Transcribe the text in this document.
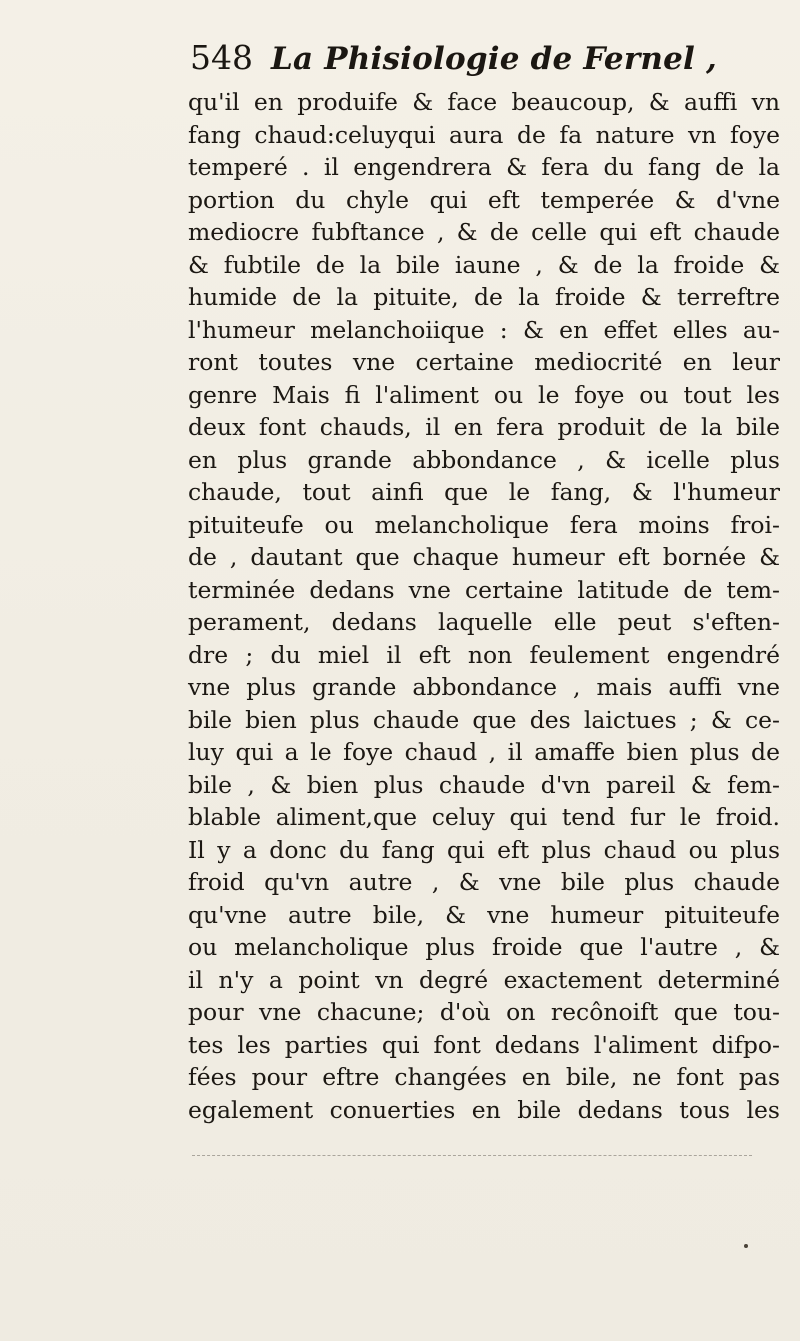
548 La Phisiologie de Fernel ,
qu'il en produife & face beaucoup, & auffi vn
fang chaud:celuyqui aura de fa nature vn foye
temperé . il engendrera & fera du fang de la
portion du chyle qui eft temperée & d'vne
mediocre fubftance , & de celle qui eft chaude
& fubtile de la bile iaune , & de la froide &
humide de la pituite, de la froide & terreftre
l'humeur melanchoiique : & en effet elles au-
ront toutes vne certaine mediocrité en leur
genre Mais fi l'aliment ou le foye ou tout les
deux font chauds, il en fera produit de la bile
en plus grande abbondance , & icelle plus
chaude, tout ainfi que le fang, & l'humeur
pituiteufe ou melancholique fera moins froi-
de , dautant que chaque humeur eft bornée &
terminée dedans vne certaine latitude de tem-
perament, dedans laquelle elle peut s'eften-
dre ; du miel il eft non feulement engendré
vne plus grande abbondance , mais auffi vne
bile bien plus chaude que des laictues ; & ce-
luy qui a le foye chaud , il amaffe bien plus de
bile , & bien plus chaude d'vn pareil & fem-
blable aliment,que celuy qui tend fur le froid.
Il y a donc du fang qui eft plus chaud ou plus
froid qu'vn autre , & vne bile plus chaude
qu'vne autre bile, & vne humeur pituiteufe
ou melancholique plus froide que l'autre , &
il n'y a point vn degré exactement determiné
pour vne chacune; d'où on recônoift que tou-
tes les parties qui font dedans l'aliment difpo-
fées pour eftre changées en bile, ne font pas
egalement conuerties en bile dedans tous les
